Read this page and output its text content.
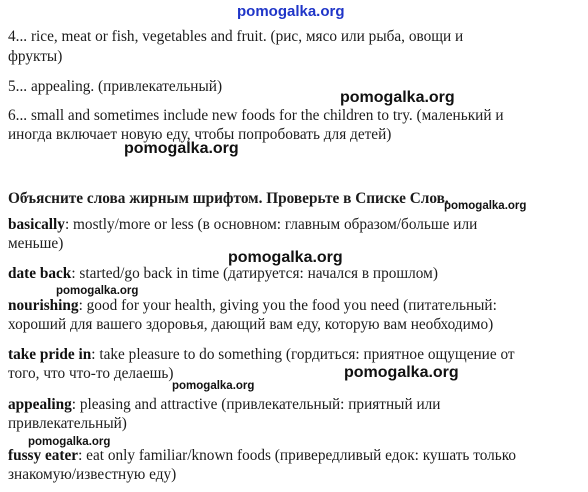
pomogalka.org
4... rice, meat or fish, vegetables and fruit. (рис, мясо или рыба, овощи и
фрукты)
5... appealing. (привлекательный)
pomogalka.org
6... small and sometimes include new foods for the children to try. (маленький и
иногда включает новую еду, чтобы попробовать для детей)
pomogalka.org
Объясните слова жирным шрифтом. Проверьте в Списке Слов.
pomogalka.org
basically: mostly/more or less (в основном: главным образом/больше или
меньше)
pomogalka.org
date back: started/go back in time (датируется: начался в прошлом)
pomogalka.org
nourishing: good for your health, giving you the food you need (питательный:
хороший для вашего здоровья, дающий вам еду, которую вам необходимо)
take pride in: take pleasure to do something (гордиться: приятное ощущение от
того, что что-то делаешь)	pomogalka.org
pomogalka.org
appealing: pleasing and attractive (привлекательный: приятный или
привлекательный)
pomogalka.org
fussy eater: eat only familiar/known foods (привередливый едок: кушать только
знакомую/известную еду)
